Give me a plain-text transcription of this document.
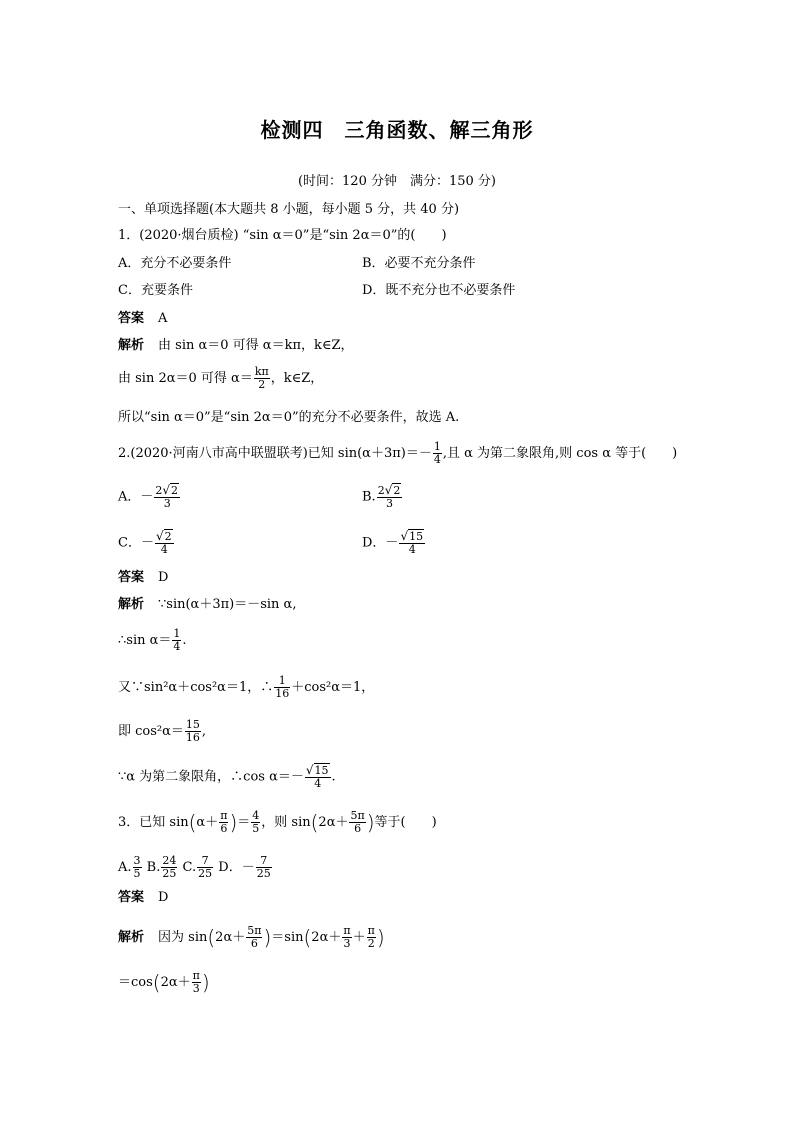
检测四　三角函数、解三角形
(时间：120 分钟　满分：150 分)
一、单项选择题(本大题共 8 小题，每小题 5 分，共 40 分)
1．(2020·烟台质检) “sin α＝0”是“sin 2α＝0”的(　　)
A．充分不必要条件	B．必要不充分条件
C．充要条件	D．既不充分也不必要条件
答案 A
解析 由 sin α＝0 可得 α＝kπ，k∈Z，
由 sin 2α＝0 可得 $\alpha= \frac{k\pi}{2}$ ，k∈Z，
所以“sin α＝0”是“sin 2α＝0”的充分不必要条件，故选 A.
2.(2020·河南八市高中联盟联考)已知 $\sin(\alpha+3\pi)=- \frac{1}{4}$ ,且 α 为第二象限角,则 cos α 等于(　　)
A．－ $\frac{2√2}{3}$	B. $\frac{2√2}{3}$
C．－ $\frac{√2}{4}$	D．－ $\frac{√15}{4}$
答案 D
解析 ∵sin(α＋3π)＝－sin α,
∴sin $\alpha= \frac{1}{4}$ .
又∵sin²α＋cos²α＝1，∴ $\frac{1}{16} +\cos^2\alpha=1$，
即 $\cos^2\alpha= \frac{15}{16}$ ,
∵α 为第二象限角，∴cos $\alpha=- \frac{√15}{4}$ .
3．已知 $\sin(\alpha+ \frac{\pi}{6}$ )＝ $\frac{4}{5}$ ，则 $\sin(2\alpha+ \frac{5\pi}{6}$ )等于(　　)
A. $\frac{3}{5} B$. $\frac{24}{25} C$. $\frac{7}{25}$ D．－ $\frac{7}{25}$
答案 D
解析 因为 $\sin(2\alpha+ \frac{5\pi}{6} )=\sin(2\alpha+ \frac{\pi}{3} + \frac{\pi}{2}$ )
$=\cos(2\alpha+ \frac{\pi}{3}$ )
